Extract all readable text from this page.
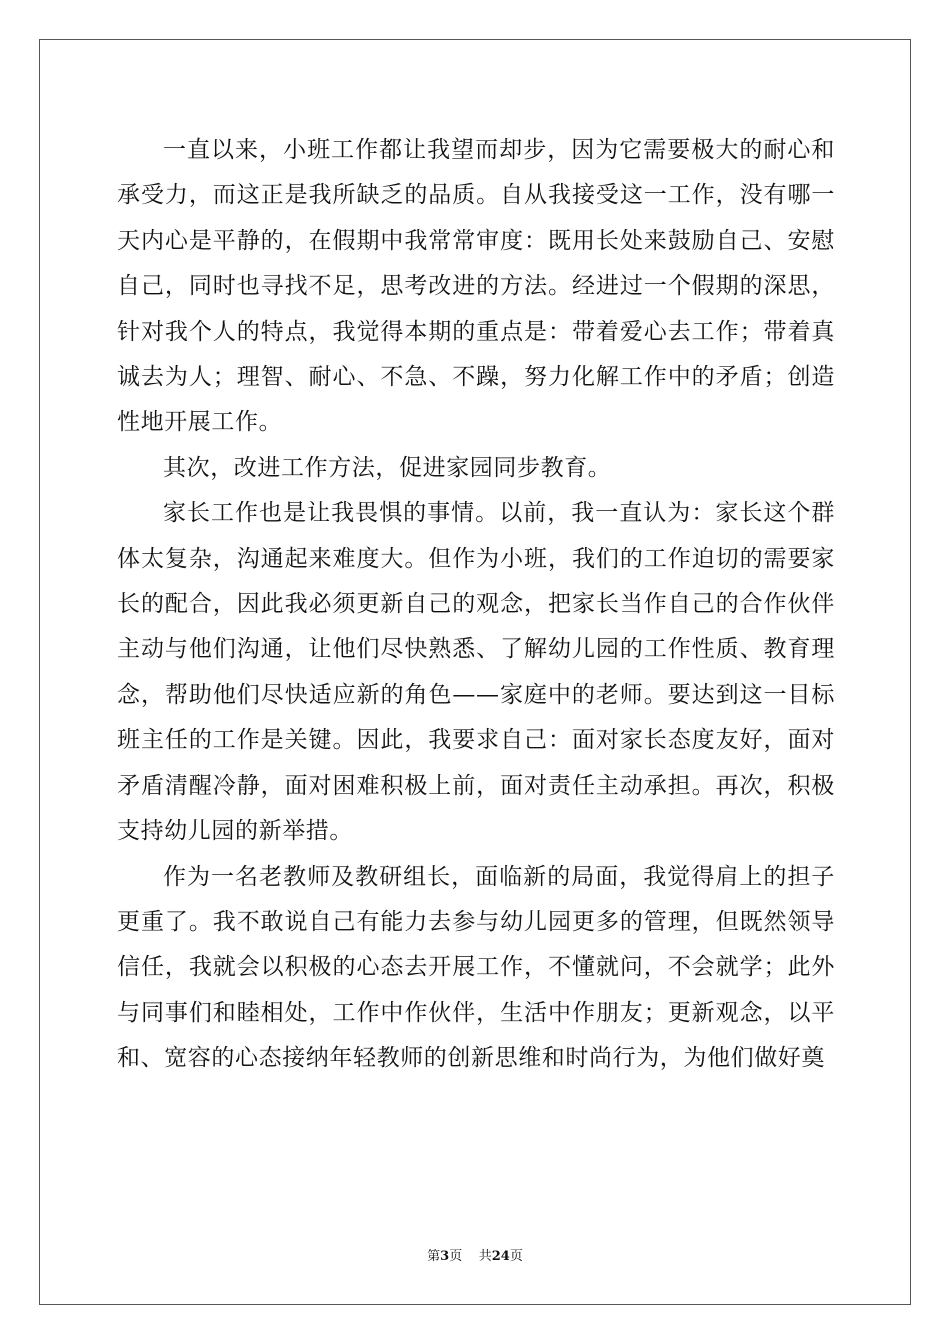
一直以来，小班工作都让我望而却步，因为它需要极大的耐心和承受力，而这正是我所缺乏的品质。自从我接受这一工作，没有哪一天内心是平静的，在假期中我常常审度：既用长处来鼓励自己、安慰自己，同时也寻找不足，思考改进的方法。经进过一个假期的深思，针对我个人的特点，我觉得本期的重点是：带着爱心去工作；带着真诚去为人；理智、耐心、不急、不躁，努力化解工作中的矛盾；创造性地开展工作。

其次，改进工作方法，促进家园同步教育。

家长工作也是让我畏惧的事情。以前，我一直认为：家长这个群体太复杂，沟通起来难度大。但作为小班，我们的工作迫切的需要家长的配合，因此我必须更新自己的观念，把家长当作自己的合作伙伴主动与他们沟通，让他们尽快熟悉、了解幼儿园的工作性质、教育理念，帮助他们尽快适应新的角色——家庭中的老师。要达到这一目标班主任的工作是关键。因此，我要求自己：面对家长态度友好，面对矛盾清醒冷静，面对困难积极上前，面对责任主动承担。再次，积极支持幼儿园的新举措。

作为一名老教师及教研组长，面临新的局面，我觉得肩上的担子更重了。我不敢说自己有能力去参与幼儿园更多的管理，但既然领导信任，我就会以积极的心态去开展工作，不懂就问，不会就学；此外与同事们和睦相处，工作中作伙伴，生活中作朋友；更新观念，以平和、宽容的心态接纳年轻教师的创新思维和时尚行为，为他们做好奠

第3页 共24页
